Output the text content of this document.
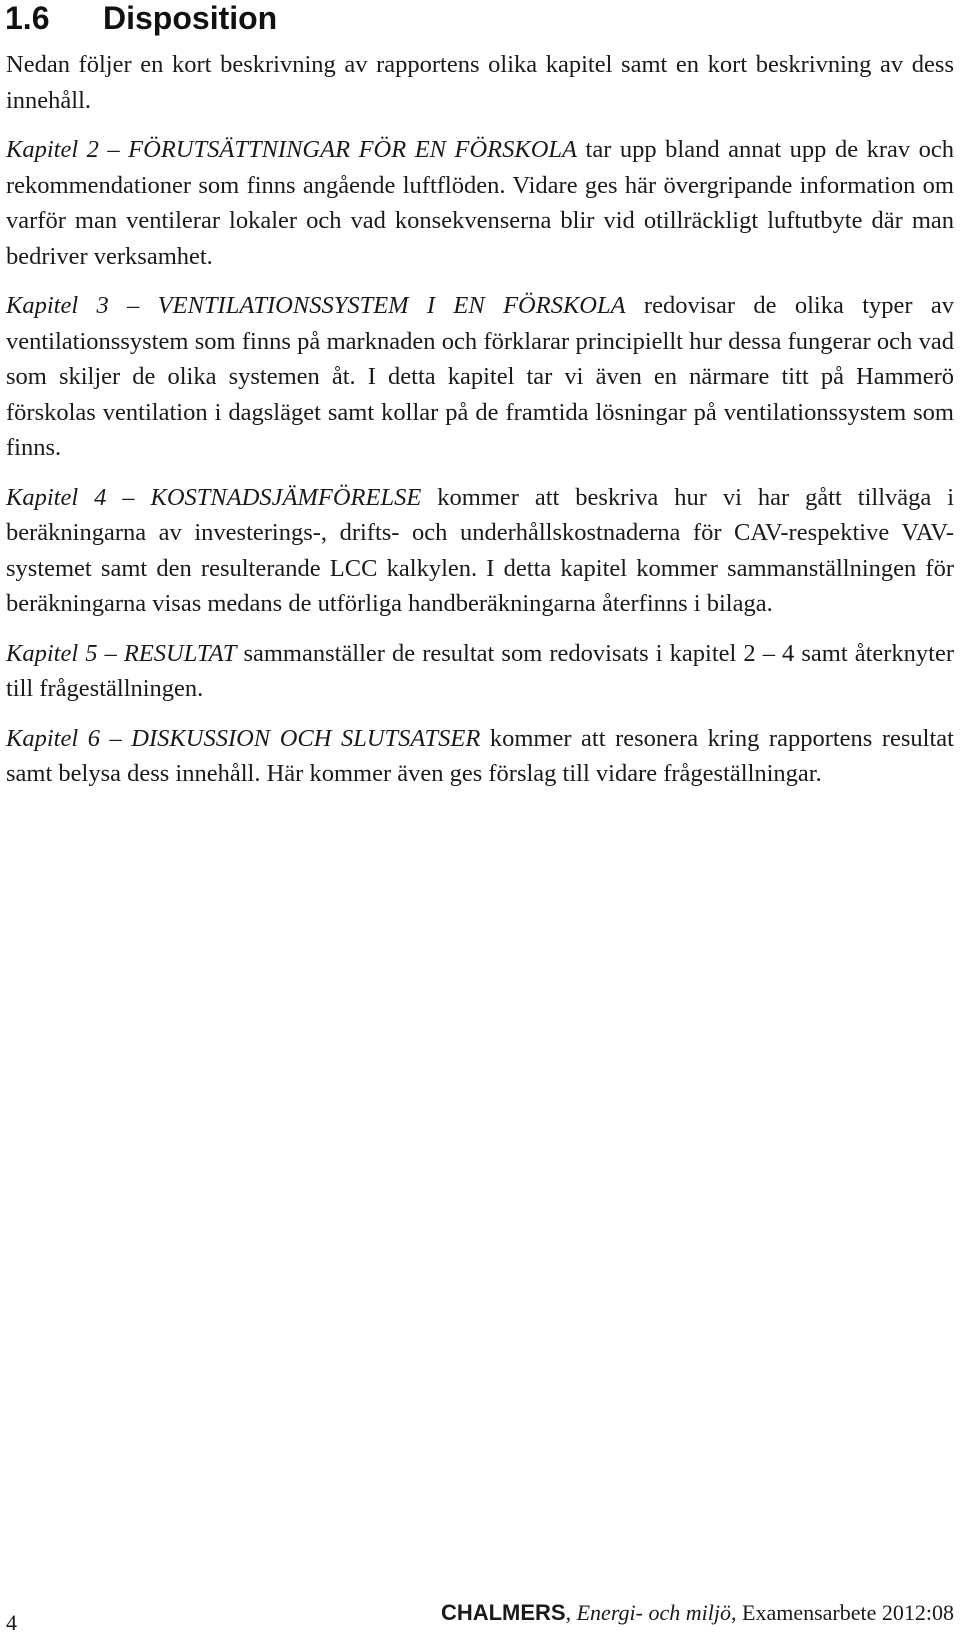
1.6 Disposition

Nedan följer en kort beskrivning av rapportens olika kapitel samt en kort beskrivning av dess innehåll.

Kapitel 2 – FÖRUTSÄTTNINGAR FÖR EN FÖRSKOLA tar upp bland annat upp de krav och rekommendationer som finns angående luftflöden. Vidare ges här övergripande information om varför man ventilerar lokaler och vad konsekvenserna blir vid otillräckligt luftutbyte där man bedriver verksamhet.

Kapitel 3 – VENTILATIONSSYSTEM I EN FÖRSKOLA redovisar de olika typer av ventilationssystem som finns på marknaden och förklarar principiellt hur dessa fungerar och vad som skiljer de olika systemen åt. I detta kapitel tar vi även en närmare titt på Hammerö förskolas ventilation i dagsläget samt kollar på de framtida lösningar på ventilationssystem som finns.

Kapitel 4 – KOSTNADSJÄMFÖRELSE kommer att beskriva hur vi har gått tillväga i beräkningarna av investerings-, drifts- och underhållskostnaderna för CAV-respektive VAV-systemet samt den resulterande LCC kalkylen. I detta kapitel kommer sammanställningen för beräkningarna visas medans de utförliga handberäkningarna återfinns i bilaga.

Kapitel 5 – RESULTAT sammanställer de resultat som redovisats i kapitel 2 – 4 samt återknyter till frågeställningen.

Kapitel 6 – DISKUSSION OCH SLUTSATSER kommer att resonera kring rapportens resultat samt belysa dess innehåll. Här kommer även ges förslag till vidare frågeställningar.

4	CHALMERS, Energi- och miljö, Examensarbete 2012:08
